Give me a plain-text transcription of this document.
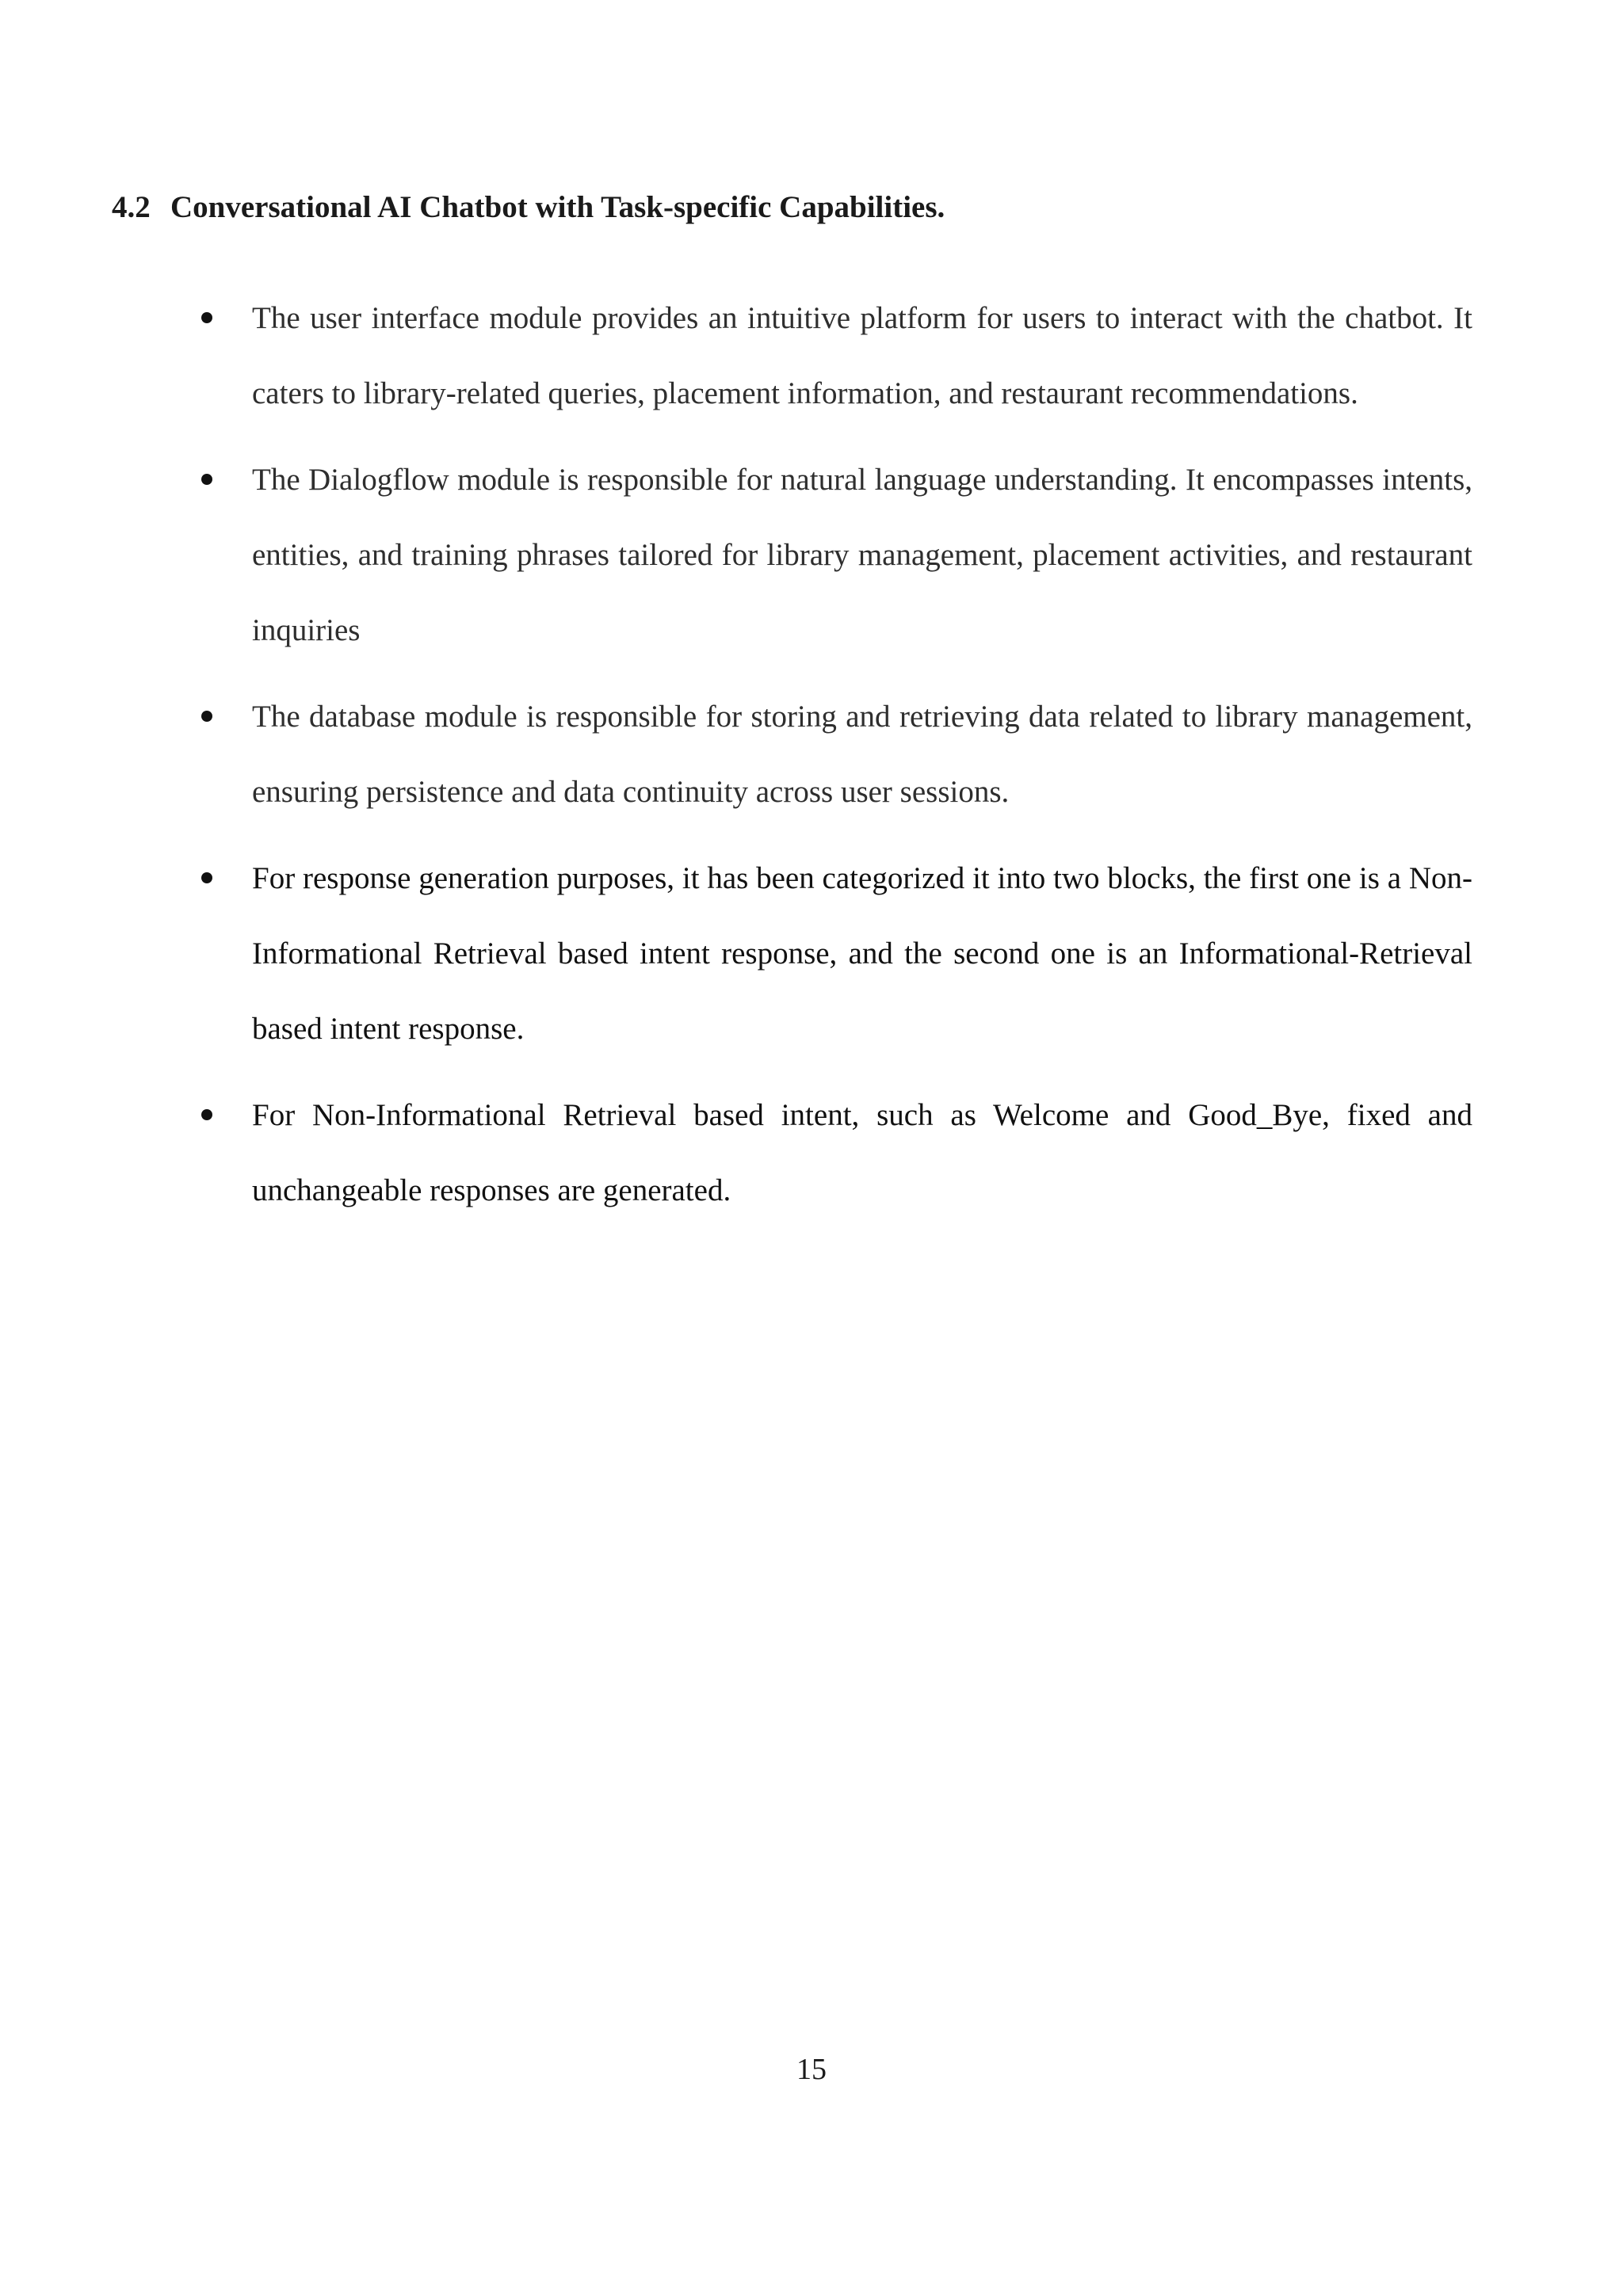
4.2 Conversational AI Chatbot with Task-specific Capabilities.
The user interface module provides an intuitive platform for users to interact with the chatbot. It caters to library-related queries, placement information, and restaurant recommendations.
The Dialogflow module is responsible for natural language understanding. It encompasses intents, entities, and training phrases tailored for library management, placement activities, and restaurant inquiries
The database module is responsible for storing and retrieving data related to library management, ensuring persistence and data continuity across user sessions.
For response generation purposes, it has been categorized it into two blocks, the first one is a Non-Informational Retrieval based intent response, and the second one is an Informational-Retrieval based intent response.
For Non-Informational Retrieval based intent, such as Welcome and Good_Bye, fixed and unchangeable responses are generated.
15
